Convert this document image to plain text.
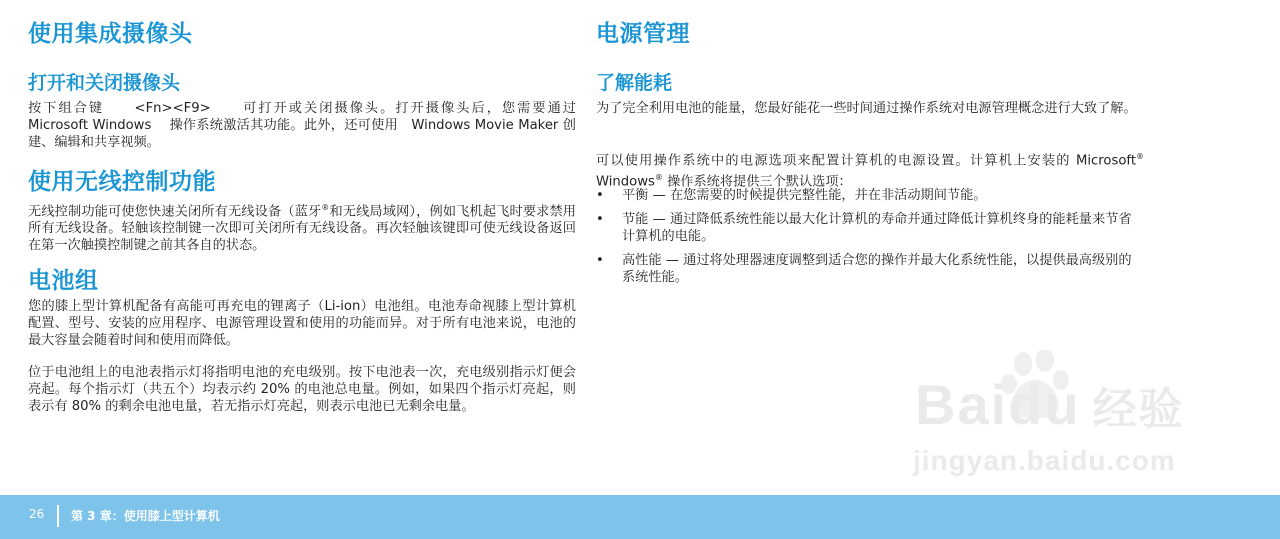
使用集成摄像头
打开和关闭摄像头

按下组合键　　<Fn><F9>　　可打开或关闭摄像头。打开摄像头后，您需要通过 Microsoft Windows　 操作系统激活其功能。此外，还可使用　Windows Movie Maker 创建、编辑和共享视频。

使用无线控制功能

无线控制功能可使您快速关闭所有无线设备（蓝牙®和无线局域网），例如飞机起飞时要求禁用所有无线设备。轻触该控制键一次即可关闭所有无线设备。再次轻触该键即可使无线设备返回在第一次触摸控制键之前其各自的状态。

电池组

您的膝上型计算机配备有高能可再充电的锂离子（Li-ion）电池组。电池寿命视膝上型计算机配置、型号、安装的应用程序、电源管理设置和使用的功能而异。对于所有电池来说，电池的最大容量会随着时间和使用而降低。

位于电池组上的电池表指示灯将指明电池的充电级别。按下电池表一次，充电级别指示灯便会亮起。每个指示灯（共五个）均表示约 20% 的电池总电量。例如，如果四个指示灯亮起，则表示有 80% 的剩余电池电量，若无指示灯亮起，则表示电池已无剩余电量。

电源管理
了解能耗

为了完全利用电池的能量，您最好能花一些时间通过操作系统对电源管理概念进行大致了解。

可以使用操作系统中的电源选项来配置计算机的电源设置。计算机上安装的 Microsoft® Windows® 操作系统将提供三个默认选项：

• 平衡 — 在您需要的时候提供完整性能，并在非活动期间节能。
• 节能 — 通过降低系统性能以最大化计算机的寿命并通过降低计算机终身的能耗量来节省计算机的电能。
• 高性能 — 通过将处理器速度调整到适合您的操作并最大化系统性能，以提供最高级别的系统性能。
Baidu 经验
jingyan.baidu.com
26 第 3 章：使用膝上型计算机
